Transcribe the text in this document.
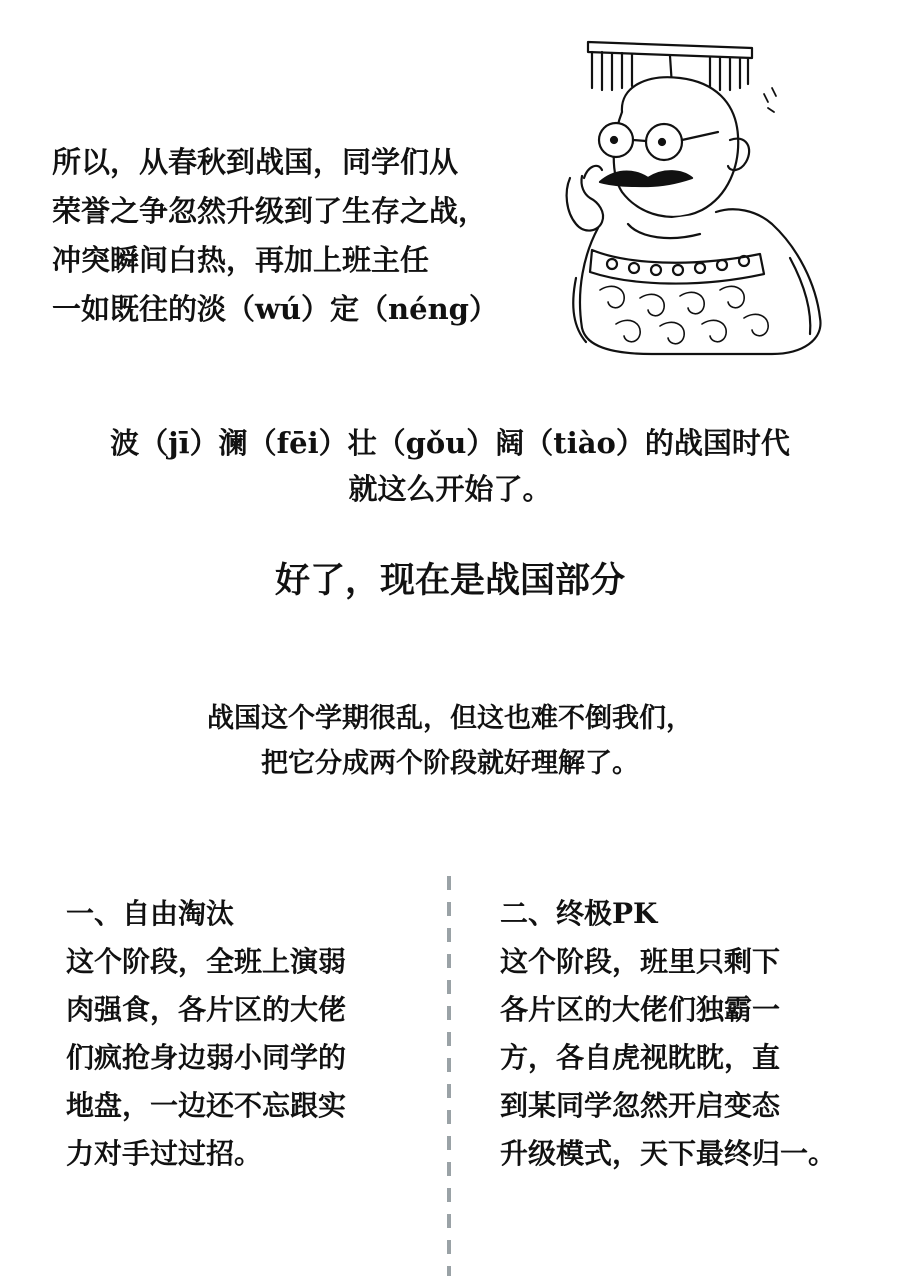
所以，从春秋到战国，同学们从
荣誉之争忽然升级到了生存之战，
冲突瞬间白热，再加上班主任
一如既往的淡（wú）定（néng）
波（jī）澜（fēi）壮（gǒu）阔（tiào）的战国时代
就这么开始了。
好了，现在是战国部分
战国这个学期很乱，但这也难不倒我们，
把它分成两个阶段就好理解了。
一、自由淘汰
这个阶段，全班上演弱
肉强食，各片区的大佬
们疯抢身边弱小同学的
地盘，一边还不忘跟实
力对手过过招。
二、终极PK
这个阶段，班里只剩下
各片区的大佬们独霸一
方，各自虎视眈眈，直
到某同学忽然开启变态
升级模式，天下最终归一。
